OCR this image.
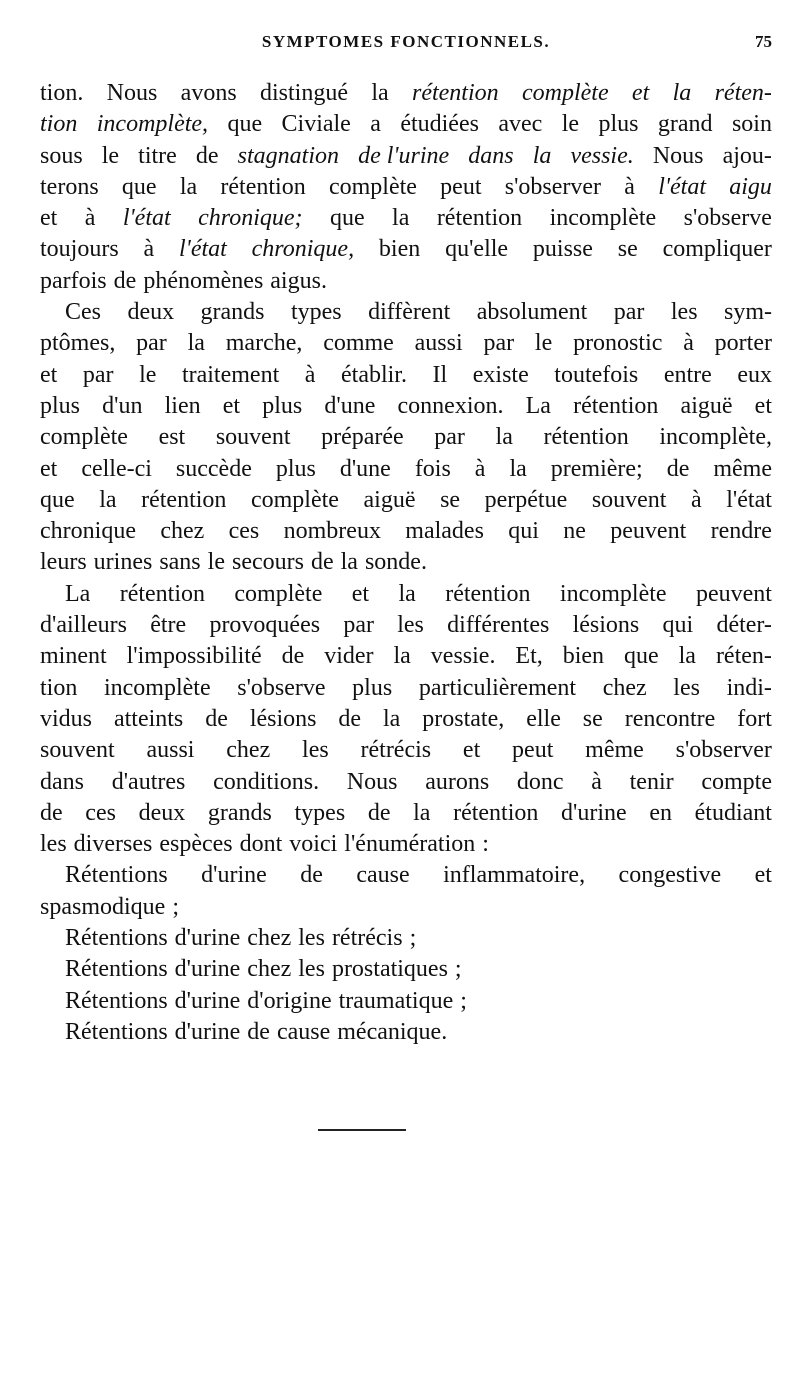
SYMPTOMES FONCTIONNELS.	75
tion. Nous avons distingué la rétention complète et la réten-
tion incomplète, que Civiale a étudiées avec le plus grand soin
sous le titre de stagnation de l'urine dans la vessie. Nous ajou-
terons que la rétention complète peut s'observer à l'état aigu
et à l'état chronique; que la rétention incomplète s'observe
toujours à l'état chronique, bien qu'elle puisse se compliquer
parfois de phénomènes aigus.
Ces deux grands types diffèrent absolument par les sym-
ptômes, par la marche, comme aussi par le pronostic à porter
et par le traitement à établir. Il existe toutefois entre eux
plus d'un lien et plus d'une connexion. La rétention aiguë et
complète est souvent préparée par la rétention incomplète,
et celle-ci succède plus d'une fois à la première; de même
que la rétention complète aiguë se perpétue souvent à l'état
chronique chez ces nombreux malades qui ne peuvent rendre
leurs urines sans le secours de la sonde.
La rétention complète et la rétention incomplète peuvent
d'ailleurs être provoquées par les différentes lésions qui déter-
minent l'impossibilité de vider la vessie. Et, bien que la réten-
tion incomplète s'observe plus particulièrement chez les indi-
vidus atteints de lésions de la prostate, elle se rencontre fort
souvent aussi chez les rétrécis et peut même s'observer
dans d'autres conditions. Nous aurons donc à tenir compte
de ces deux grands types de la rétention d'urine en étudiant
les diverses espèces dont voici l'énumération :
Rétentions d'urine de cause inflammatoire, congestive et
spasmodique ;
Rétentions d'urine chez les rétrécis ;
Rétentions d'urine chez les prostatiques ;
Rétentions d'urine d'origine traumatique ;
Rétentions d'urine de cause mécanique.
